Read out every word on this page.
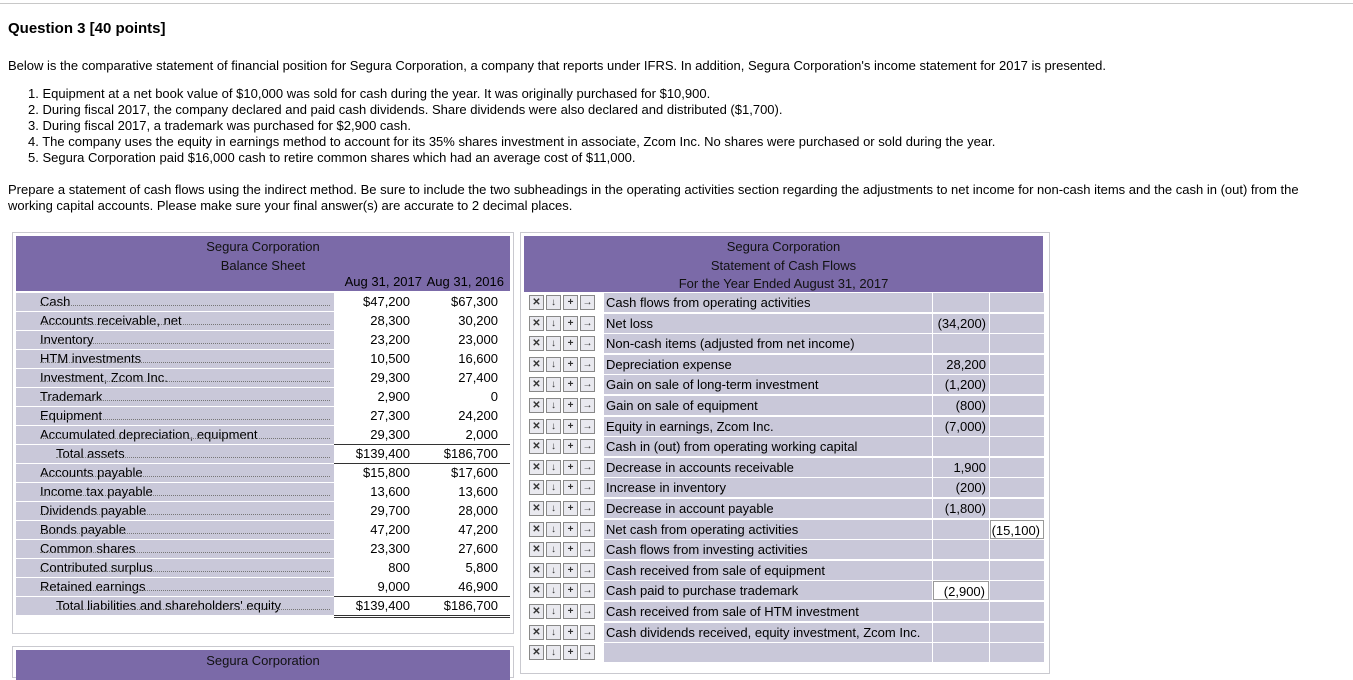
Question 3 [40 points]

Below is the comparative statement of financial position for Segura Corporation, a company that reports under IFRS. In addition, Segura Corporation's income statement for 2017 is presented.

1. Equipment at a net book value of $10,000 was sold for cash during the year. It was originally purchased for $10,900.
2. During fiscal 2017, the company declared and paid cash dividends. Share dividends were also declared and distributed ($1,700).
3. During fiscal 2017, a trademark was purchased for $2,900 cash.
4. The company uses the equity in earnings method to account for its 35% shares investment in associate, Zcom Inc. No shares were purchased or sold during the year.
5. Segura Corporation paid $16,000 cash to retire common shares which had an average cost of $11,000.

Prepare a statement of cash flows using the indirect method. Be sure to include the two subheadings in the operating activities section regarding the adjustments to net income for non-cash items and the cash in (out) from the working capital accounts. Please make sure your final answer(s) are accurate to 2 decimal places.

Segura Corporation
Balance Sheet
Aug 31, 2017 Aug 31, 2016
Cash	$47,200	$67,300
Accounts receivable, net	28,300	30,200
Inventory	23,200	23,000
HTM investments	10,500	16,600
Investment, Zcom Inc.	29,300	27,400
Trademark	2,900	0
Equipment	27,300	24,200
Accumulated depreciation, equipment	29,300	2,000
Total assets	$139,400	$186,700
Accounts payable	$15,800	$17,600
Income tax payable	13,600	13,600
Dividends payable	29,700	28,000
Bonds payable	47,200	47,200
Common shares	23,300	27,600
Contributed surplus	800	5,800
Retained earnings	9,000	46,900
Total liabilities and shareholders' equity	$139,400	$186,700
Segura Corporation
Statement of Cash Flows
For the Year Ended August 31, 2017
✕	↓	+ → Cash flows from operating activities
✕	↓	+ → Net loss	(34,200)
✕	↓	+ → Non-cash items (adjusted from net income)
✕	↓	+ → Depreciation expense	28,200
✕	↓	+ → Gain on sale of long-term investment	(1,200)
✕	↓	+ → Gain on sale of equipment	(800)
✕	↓	+ → Equity in earnings, Zcom Inc.	(7,000)
✕	↓	+ → Cash in (out) from operating working capital
✕	↓	+ → Decrease in accounts receivable	1,900
✕	↓	+ → Increase in inventory	(200)
✕	↓	+ → Decrease in account payable	(1,800)
✕	↓	+ → Net cash from operating activities	(15,100)
✕	↓	+ → Cash flows from investing activities
✕	↓	+ → Cash received from sale of equipment
✕	↓	+ → Cash paid to purchase trademark	(2,900)
✕	↓	+ → Cash received from sale of HTM investment
✕	↓	+ → Cash dividends received, equity investment, Zcom Inc.
✕	↓	+ →
Segura Corporation
